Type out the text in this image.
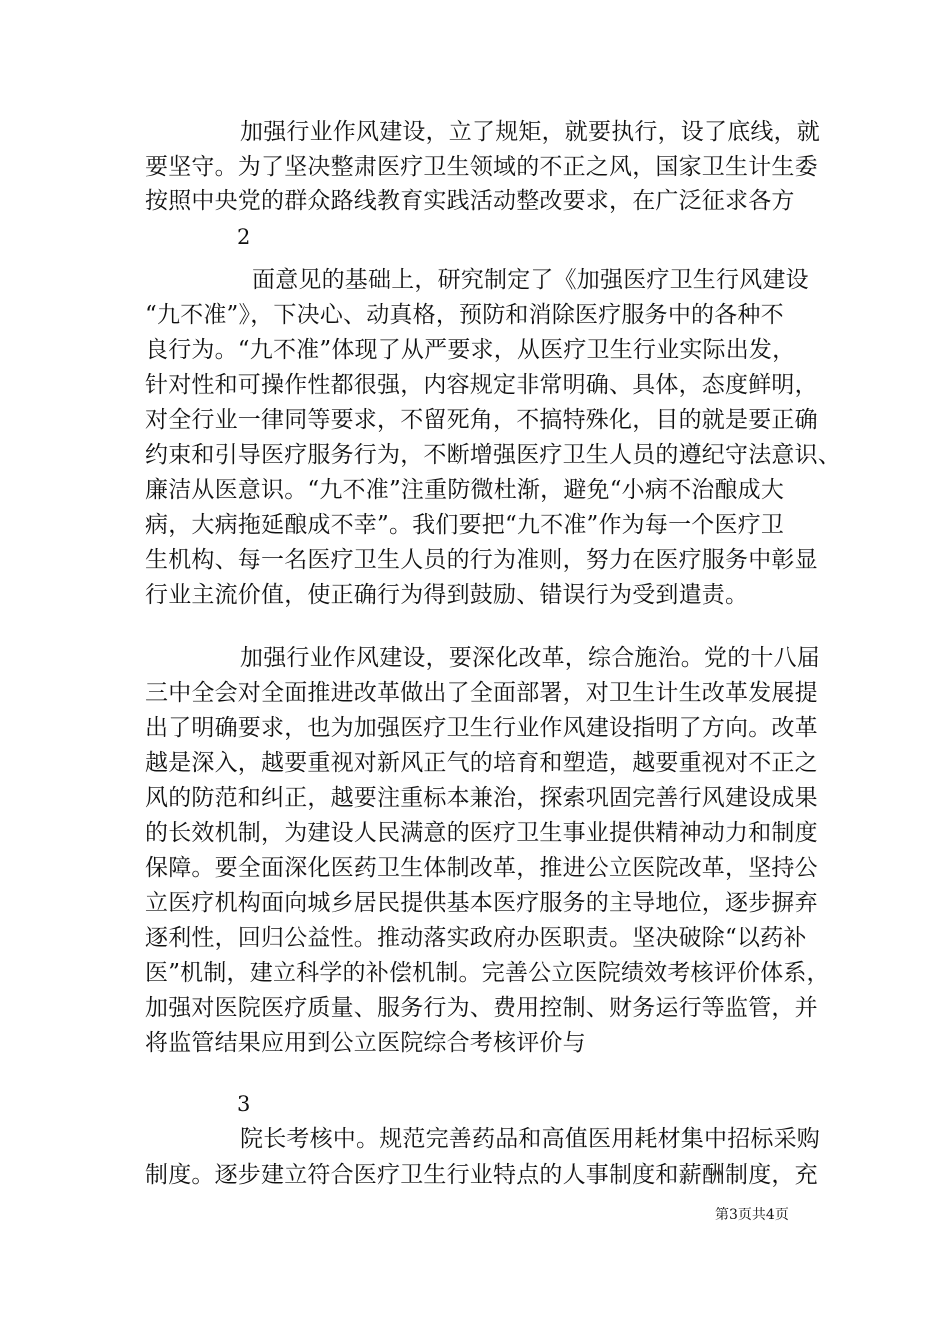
加强行业作风建设，立了规矩，就要执行，设了底线，就
要坚守。为了坚决整肃医疗卫生领域的不正之风，国家卫生计生委
按照中央党的群众路线教育实践活动整改要求，在广泛征求各方
2
面意见的基础上，研究制定了《加强医疗卫生行风建设
“九不准”》，下决心、动真格，预防和消除医疗服务中的各种不
良行为。“九不准”体现了从严要求，从医疗卫生行业实际出发，
针对性和可操作性都很强，内容规定非常明确、具体，态度鲜明，
对全行业一律同等要求，不留死角，不搞特殊化，目的就是要正确
约束和引导医疗服务行为，不断增强医疗卫生人员的遵纪守法意识、
廉洁从医意识。“九不准”注重防微杜渐，避免“小病不治酿成大
病，大病拖延酿成不幸”。我们要把“九不准”作为每一个医疗卫
生机构、每一名医疗卫生人员的行为准则，努力在医疗服务中彰显
行业主流价值，使正确行为得到鼓励、错误行为受到遣责。
加强行业作风建设，要深化改革，综合施治。党的十八届
三中全会对全面推进改革做出了全面部署，对卫生计生改革发展提
出了明确要求，也为加强医疗卫生行业作风建设指明了方向。改革
越是深入，越要重视对新风正气的培育和塑造，越要重视对不正之
风的防范和纠正，越要注重标本兼治，探索巩固完善行风建设成果
的长效机制，为建设人民满意的医疗卫生事业提供精神动力和制度
保障。要全面深化医药卫生体制改革，推进公立医院改革，坚持公
立医疗机构面向城乡居民提供基本医疗服务的主导地位，逐步摒弃
逐利性，回归公益性。推动落实政府办医职责。坚决破除“以药补
医”机制，建立科学的补偿机制。完善公立医院绩效考核评价体系，
加强对医院医疗质量、服务行为、费用控制、财务运行等监管，并
将监管结果应用到公立医院综合考核评价与
3
院长考核中。规范完善药品和高值医用耗材集中招标采购
制度。逐步建立符合医疗卫生行业特点的人事制度和薪酬制度，充
第3页共4页
